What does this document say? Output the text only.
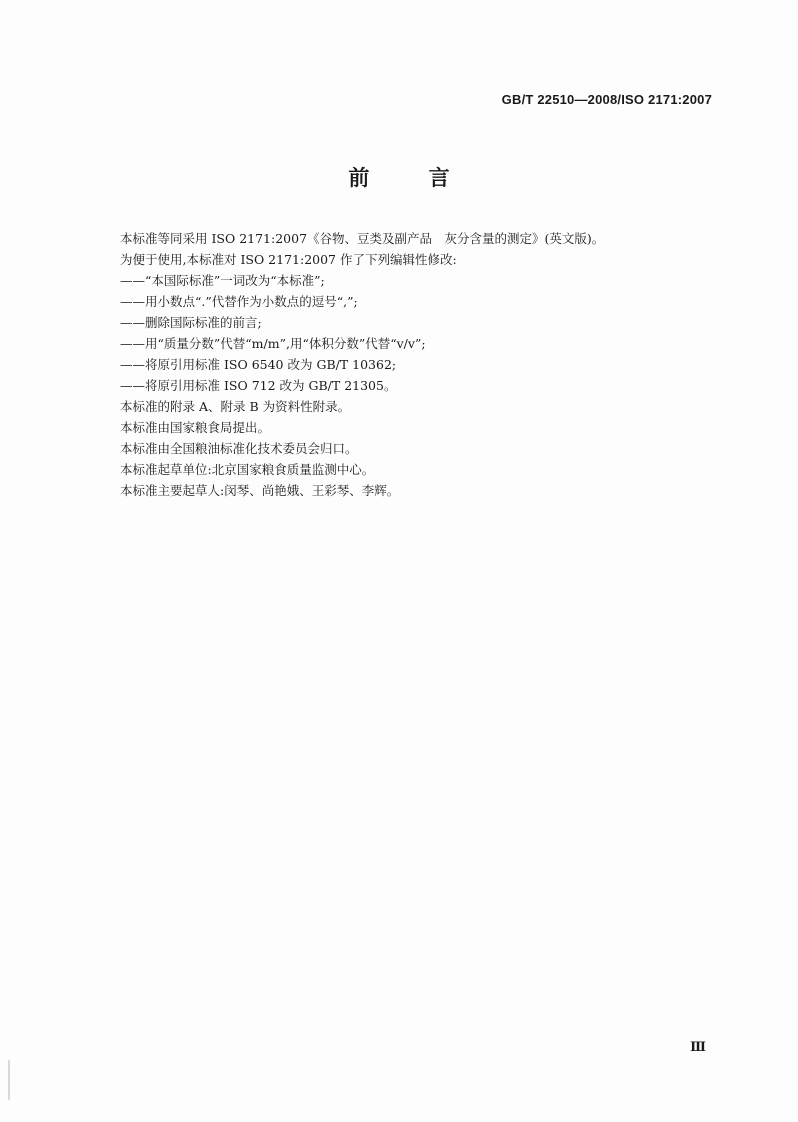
GB/T 22510—2008/ISO 2171:2007
前 言
本标准等同采用 ISO 2171:2007《谷物、豆类及副产品　灰分含量的测定》(英文版)。
为便于使用,本标准对 ISO 2171:2007 作了下列编辑性修改:
——“本国际标准”一词改为“本标准”;
——用小数点“.”代替作为小数点的逗号“,”;
——删除国际标准的前言;
——用“质量分数”代替“m/m”,用“体积分数”代替“v/v”;
——将原引用标准 ISO 6540 改为 GB/T 10362;
——将原引用标准 ISO 712 改为 GB/T 21305。
本标准的附录 A、附录 B 为资料性附录。
本标准由国家粮食局提出。
本标准由全国粮油标准化技术委员会归口。
本标准起草单位:北京国家粮食质量监测中心。
本标准主要起草人:闵琴、尚艳娥、王彩琴、李辉。
Ⅲ
